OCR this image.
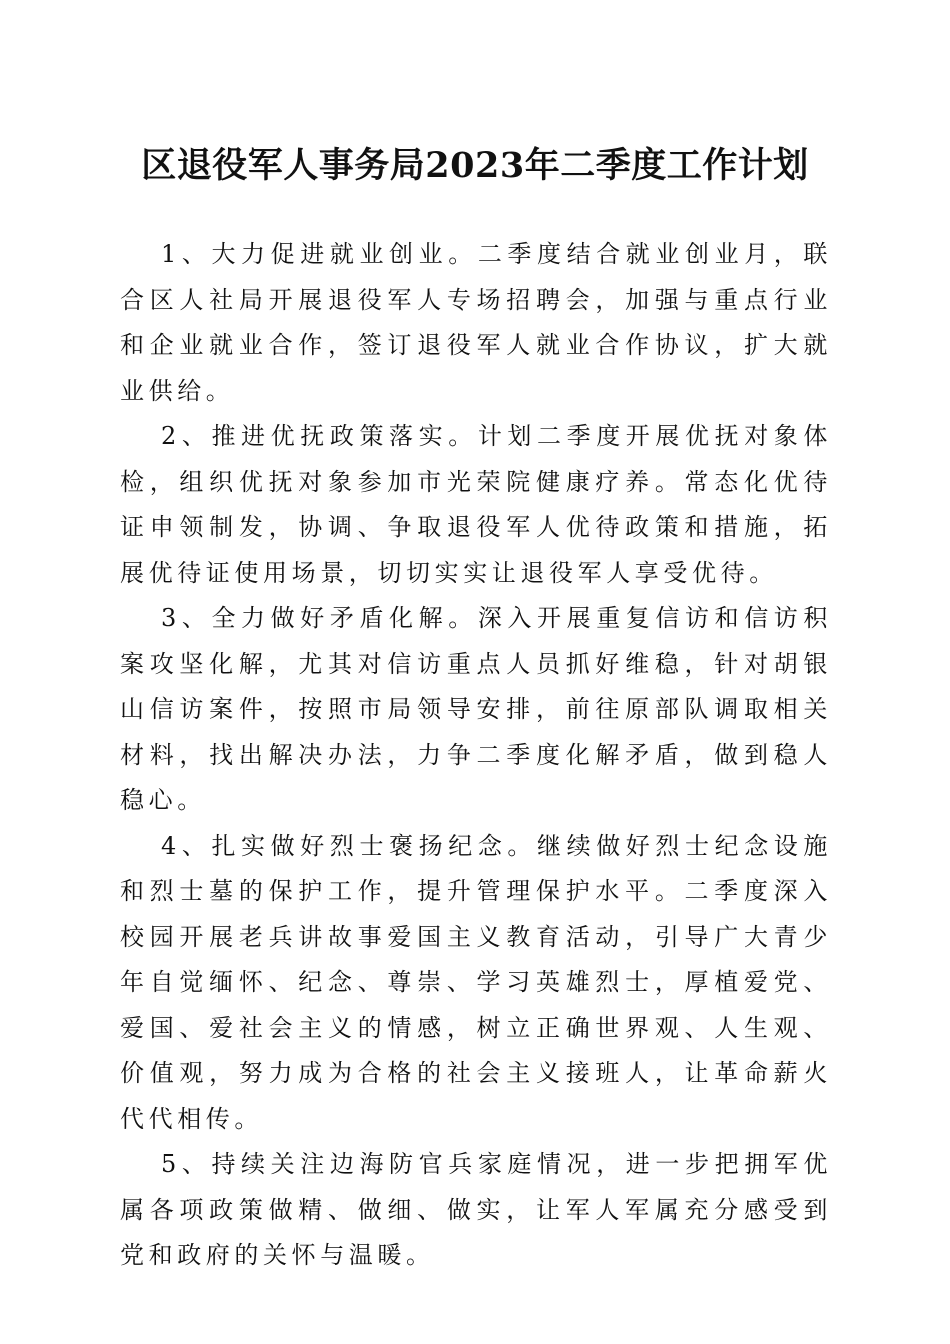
区退役军人事务局2023年二季度工作计划

1、大力促进就业创业。二季度结合就业创业月，联合区人社局开展退役军人专场招聘会，加强与重点行业和企业就业合作，签订退役军人就业合作协议，扩大就业供给。

2、推进优抚政策落实。计划二季度开展优抚对象体检，组织优抚对象参加市光荣院健康疗养。常态化优待证申领制发，协调、争取退役军人优待政策和措施，拓展优待证使用场景，切切实实让退役军人享受优待。

3、全力做好矛盾化解。深入开展重复信访和信访积案攻坚化解，尤其对信访重点人员抓好维稳，针对胡银山信访案件，按照市局领导安排，前往原部队调取相关材料，找出解决办法，力争二季度化解矛盾，做到稳人稳心。

4、扎实做好烈士褒扬纪念。继续做好烈士纪念设施和烈士墓的保护工作，提升管理保护水平。二季度深入校园开展老兵讲故事爱国主义教育活动，引导广大青少年自觉缅怀、纪念、尊崇、学习英雄烈士，厚植爱党、爱国、爱社会主义的情感，树立正确世界观、人生观、价值观，努力成为合格的社会主义接班人，让革命薪火代代相传。

5、持续关注边海防官兵家庭情况，进一步把拥军优属各项政策做精、做细、做实，让军人军属充分感受到党和政府的关怀与温暖。
